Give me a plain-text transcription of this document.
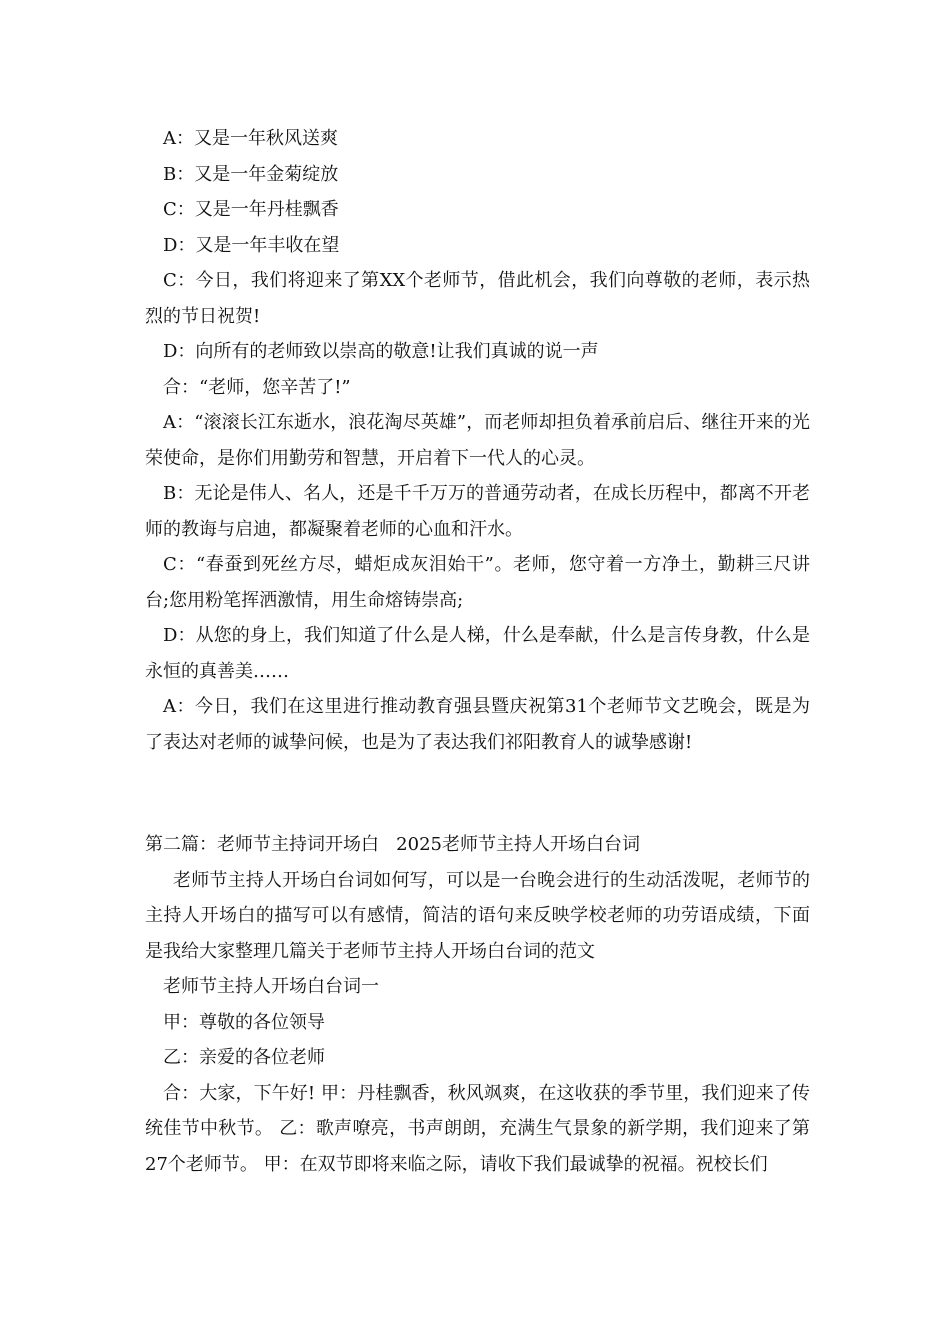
A：又是一年秋风送爽

B：又是一年金菊绽放

C：又是一年丹桂飘香

D：又是一年丰收在望

C：今日，我们将迎来了第XX个老师节，借此机会，我们向尊敬的老师，表示热烈的节日祝贺!

D：向所有的老师致以崇高的敬意!让我们真诚的说一声

合：“老师，您辛苦了!”

A：“滚滚长江东逝水，浪花淘尽英雄”，而老师却担负着承前启后、继往开来的光荣使命，是你们用勤劳和智慧，开启着下一代人的心灵。

B：无论是伟人、名人，还是千千万万的普通劳动者，在成长历程中，都离不开老师的教诲与启迪，都凝聚着老师的心血和汗水。

C：“春蚕到死丝方尽，蜡炬成灰泪始干”。老师，您守着一方净土，勤耕三尺讲台;您用粉笔挥洒激情，用生命熔铸崇高;

D：从您的身上，我们知道了什么是人梯，什么是奉献，什么是言传身教，什么是永恒的真善美……

A：今日，我们在这里进行推动教育强县暨庆祝第31个老师节文艺晚会，既是为了表达对老师的诚挚问候，也是为了表达我们祁阳教育人的诚挚感谢!

第二篇：老师节主持词开场白   2025老师节主持人开场白台词

老师节主持人开场白台词如何写，可以是一台晚会进行的生动活泼呢，老师节的主持人开场白的描写可以有感情，简洁的语句来反映学校老师的功劳语成绩，下面是我给大家整理几篇关于老师节主持人开场白台词的范文

老师节主持人开场白台词一

甲：尊敬的各位领导

乙：亲爱的各位老师

合：大家，下午好! 甲：丹桂飘香，秋风飒爽，在这收获的季节里，我们迎来了传统佳节中秋节。 乙：歌声嘹亮，书声朗朗，充满生气景象的新学期，我们迎来了第27个老师节。 甲：在双节即将来临之际，请收下我们最诚挚的祝福。祝校长们
